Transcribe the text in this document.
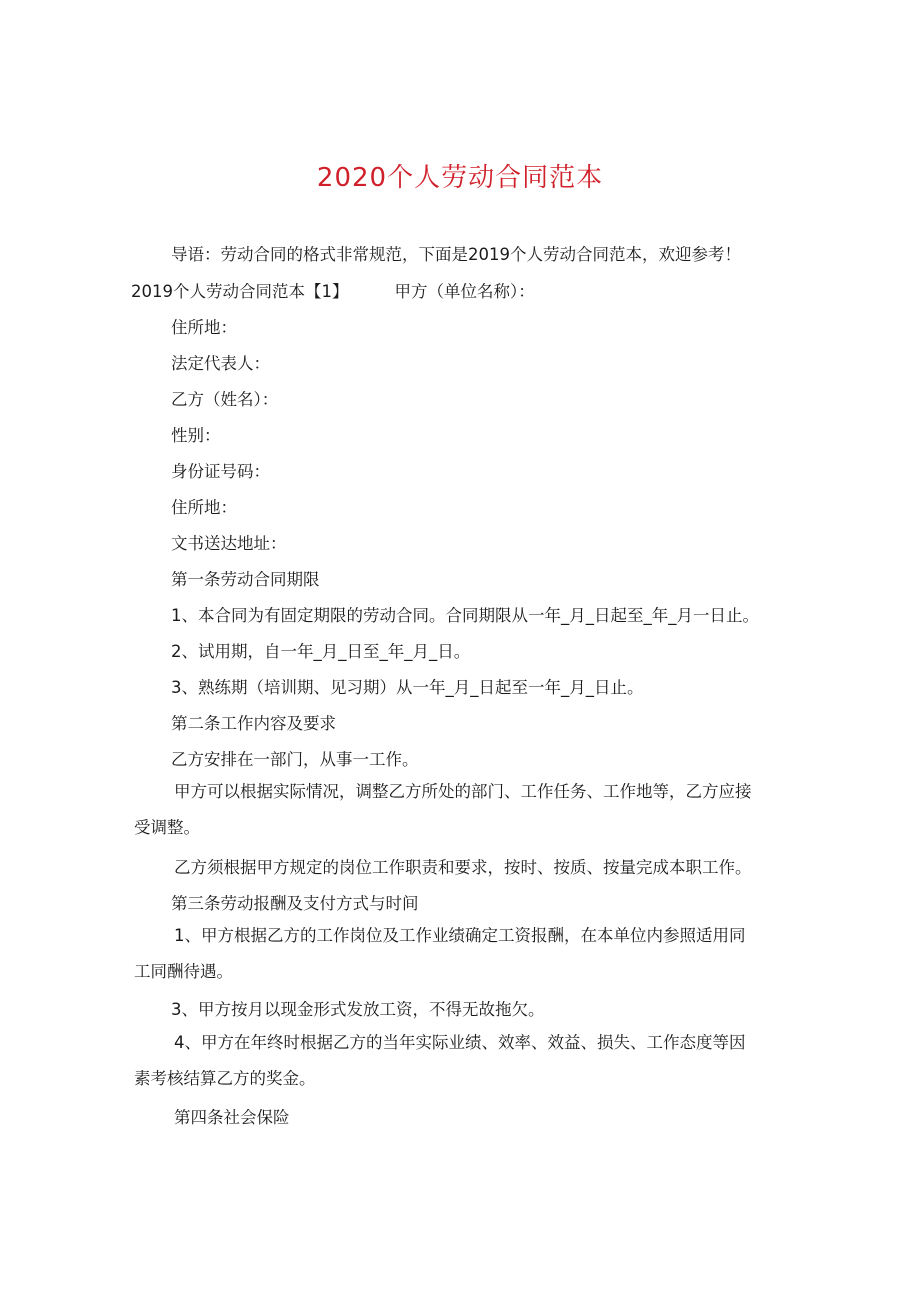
2020个人劳动合同范本
导语：劳动合同的格式非常规范，下面是2019个人劳动合同范本，欢迎参考！
2019个人劳动合同范本【1】	甲方（单位名称）：
住所地：
法定代表人：
乙方（姓名）：
性别：
身份证号码：
住所地：
文书送达地址：
第一条劳动合同期限
1、本合同为有固定期限的劳动合同。合同期限从一年_月_日起至_年_月一日止。
2、试用期，自一年_月_日至_年_月_日。
3、熟练期（培训期、见习期）从一年_月_日起至一年_月_日止。
第二条工作内容及要求
乙方安排在一部门，从事一工作。
甲方可以根据实际情况，调整乙方所处的部门、工作任务、工作地等，乙方应接受调整。
乙方须根据甲方规定的岗位工作职责和要求，按时、按质、按量完成本职工作。
第三条劳动报酬及支付方式与时间
1、甲方根据乙方的工作岗位及工作业绩确定工资报酬，在本单位内参照适用同工同酬待遇。
3、甲方按月以现金形式发放工资，不得无故拖欠。
4、甲方在年终时根据乙方的当年实际业绩、效率、效益、损失、工作态度等因素考核结算乙方的奖金。
第四条社会保险
